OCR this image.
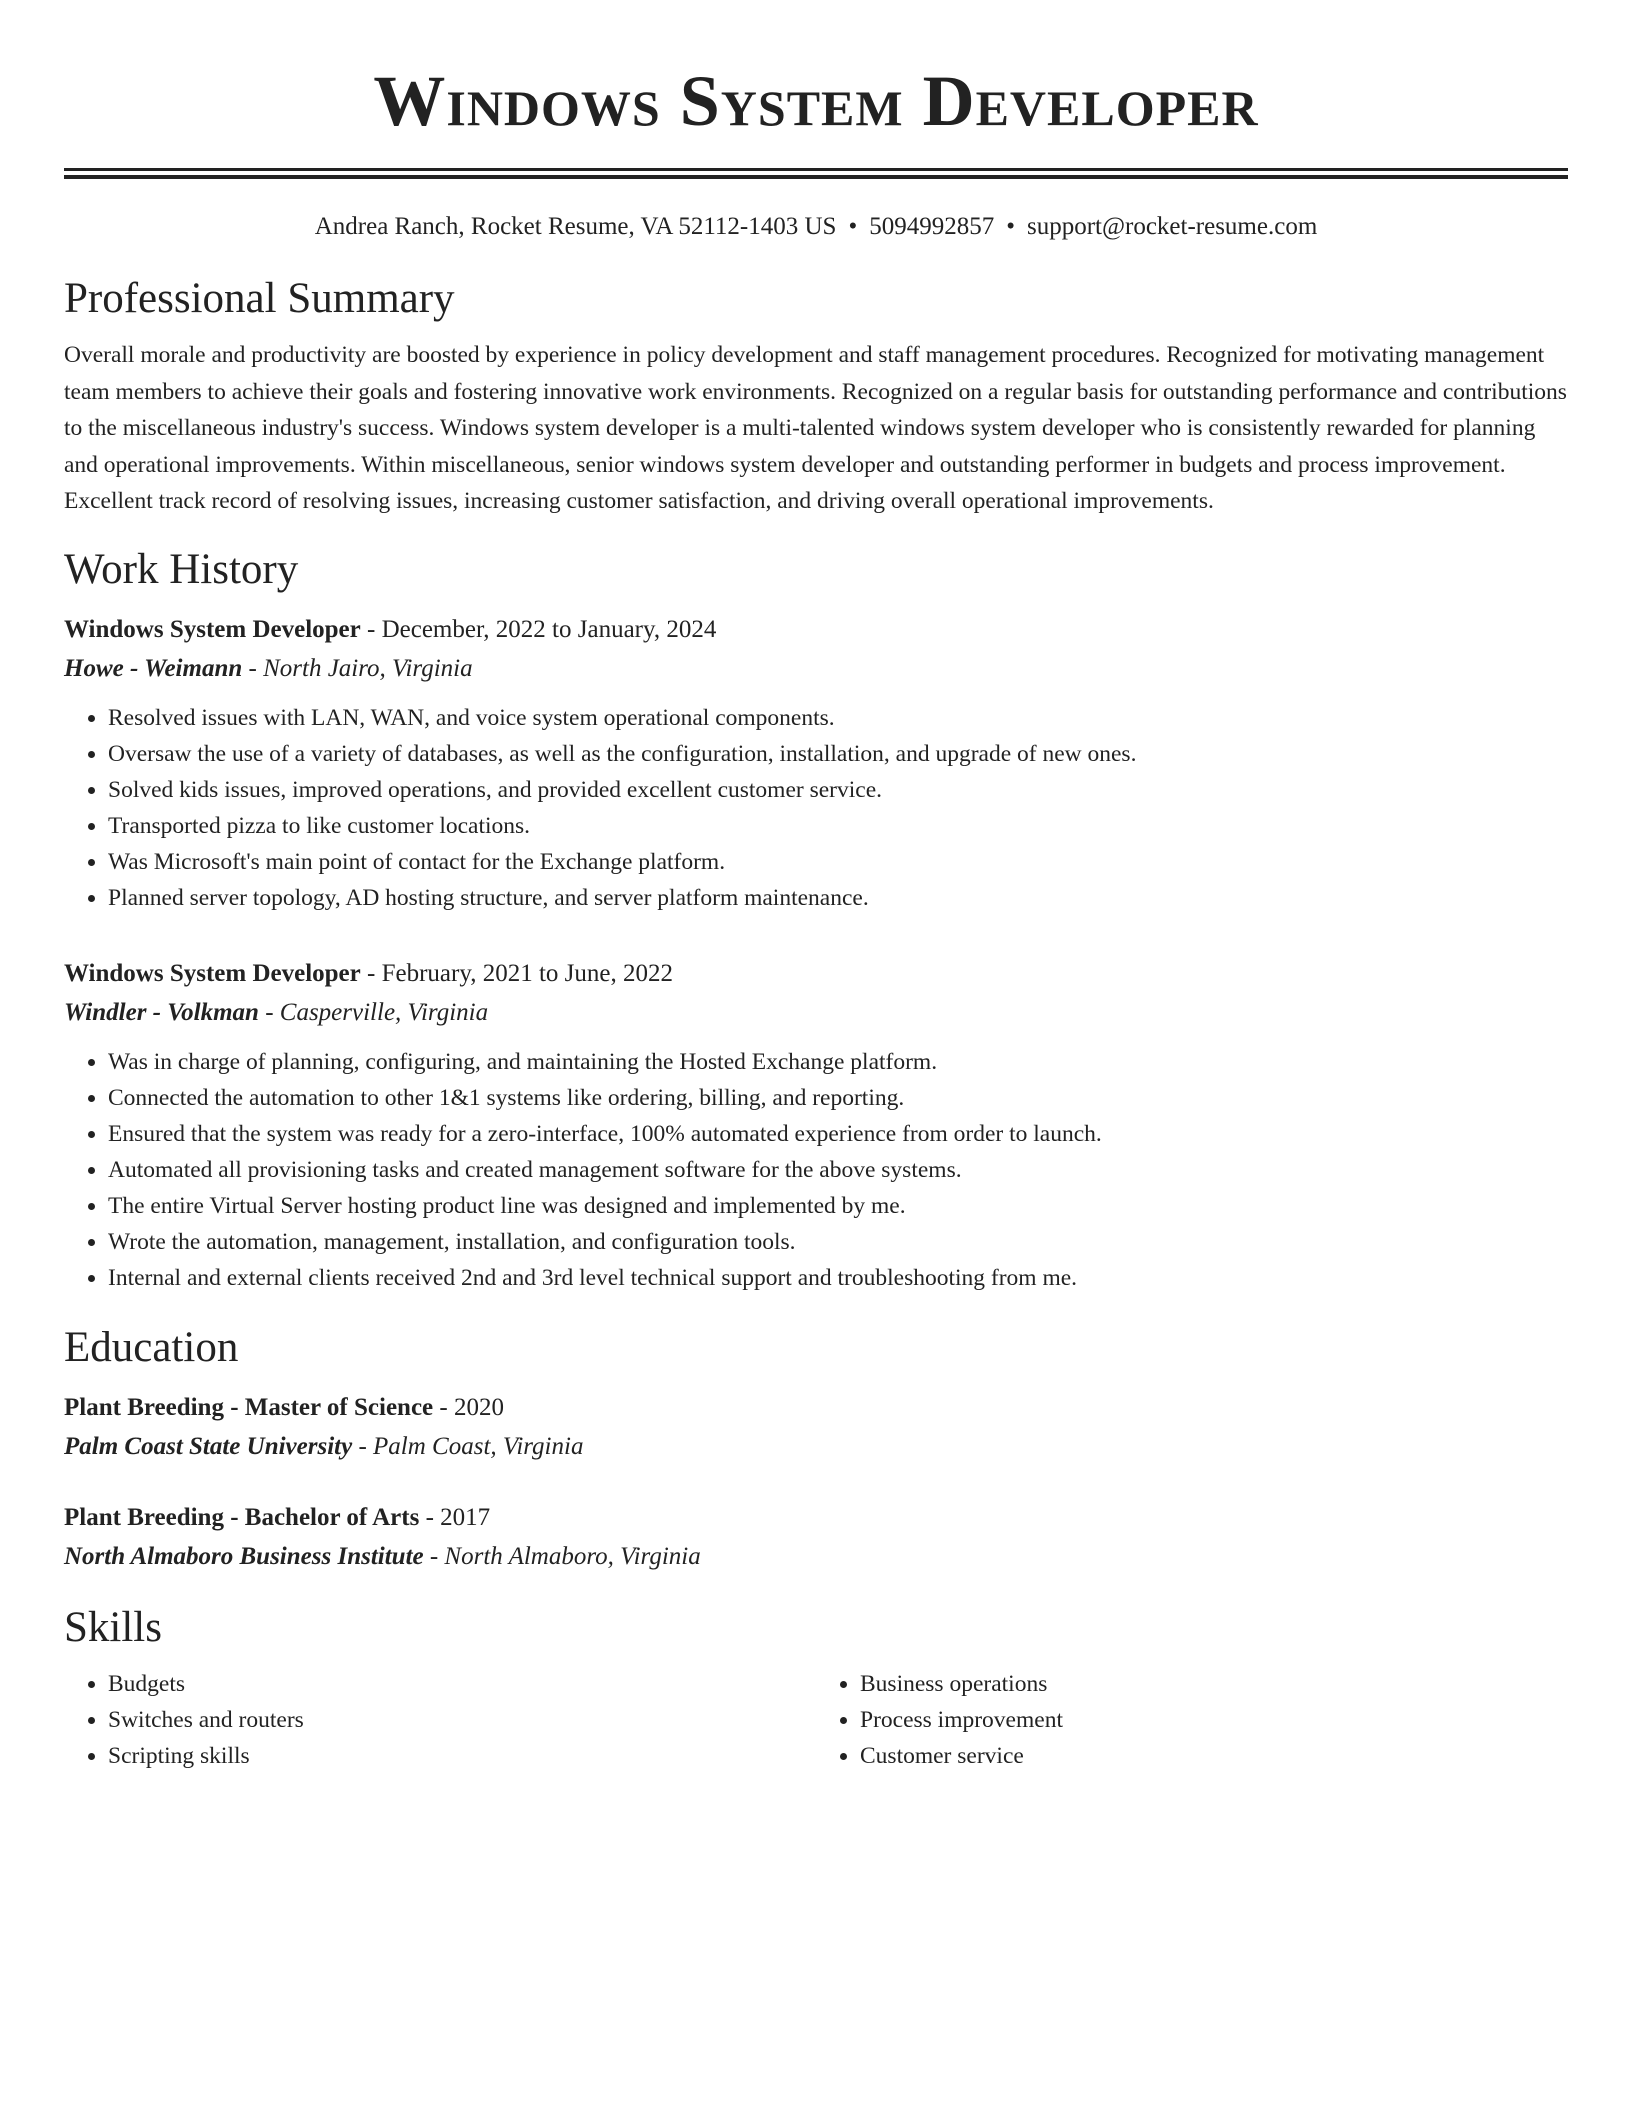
Windows System Developer
Andrea Ranch, Rocket Resume, VA 52112-1403 US • 5094992857 • support@rocket-resume.com
Professional Summary

Overall morale and productivity are boosted by experience in policy development and staff management procedures. Recognized for motivating management team members to achieve their goals and fostering innovative work environments. Recognized on a regular basis for outstanding performance and contributions to the miscellaneous industry's success. Windows system developer is a multi-talented windows system developer who is consistently rewarded for planning and operational improvements. Within miscellaneous, senior windows system developer and outstanding performer in budgets and process improvement. Excellent track record of resolving issues, increasing customer satisfaction, and driving overall operational improvements.

Work History
Windows System Developer - December, 2022 to January, 2024
Howe - Weimann - North Jairo, Virginia
• Resolved issues with LAN, WAN, and voice system operational components.
• Oversaw the use of a variety of databases, as well as the configuration, installation, and upgrade of new ones.
• Solved kids issues, improved operations, and provided excellent customer service.
• Transported pizza to like customer locations.
• Was Microsoft's main point of contact for the Exchange platform.
• Planned server topology, AD hosting structure, and server platform maintenance.
Windows System Developer - February, 2021 to June, 2022
Windler - Volkman - Casperville, Virginia
• Was in charge of planning, configuring, and maintaining the Hosted Exchange platform.
• Connected the automation to other 1&1 systems like ordering, billing, and reporting.
• Ensured that the system was ready for a zero-interface, 100% automated experience from order to launch.
• Automated all provisioning tasks and created management software for the above systems.
• The entire Virtual Server hosting product line was designed and implemented by me.
• Wrote the automation, management, installation, and configuration tools.
• Internal and external clients received 2nd and 3rd level technical support and troubleshooting from me.
Education
Plant Breeding - Master of Science - 2020
Palm Coast State University - Palm Coast, Virginia
Plant Breeding - Bachelor of Arts - 2017
North Almaboro Business Institute - North Almaboro, Virginia
Skills
• Budgets
• Switches and routers
• Scripting skills
• Business operations
• Process improvement
• Customer service
